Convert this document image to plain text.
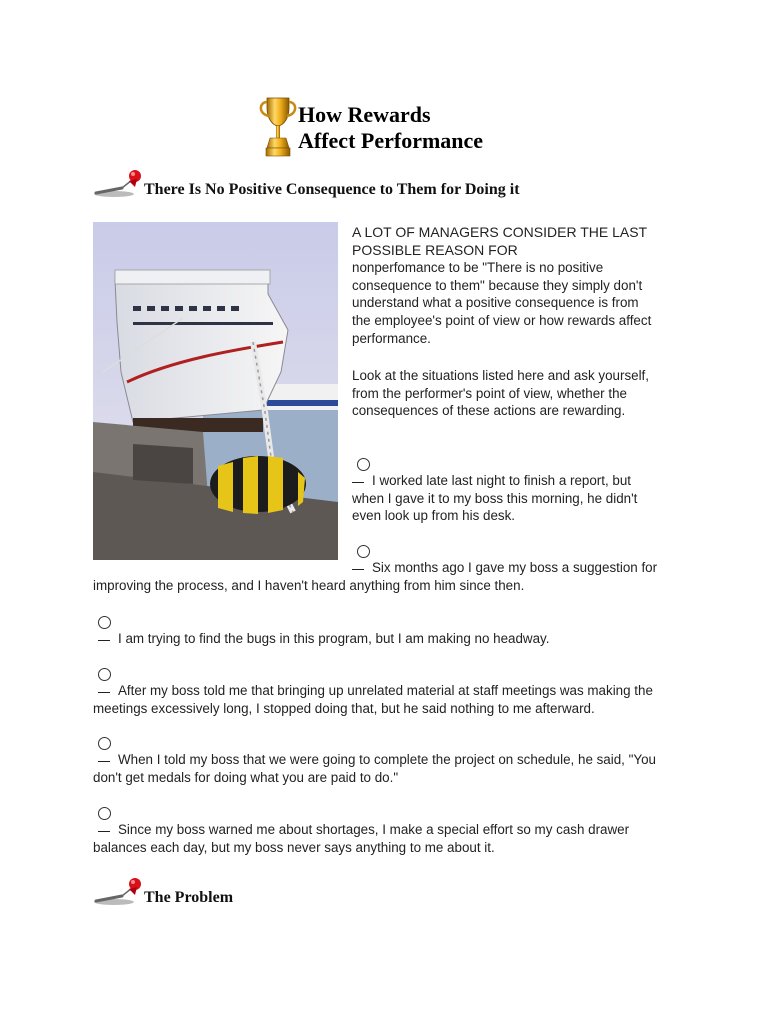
How Rewards
Affect Performance
There Is No Positive Consequence to Them for Doing it
A LOT OF MANAGERS CONSIDER THE LAST POSSIBLE REASON FOR
nonperfomance to be "There is no positive consequence to them" because they simply don't understand what a positive consequence is from the employee's point of view or how rewards affect performance.
Look at the situations listed here and ask yourself, from the performer's point of view, whether the consequences of these actions are rewarding.
I worked late last night to finish a report, but when I gave it to my boss this morning, he didn't even look up from his desk.
Six months ago I gave my boss a suggestion for improving the process, and I haven't heard anything from him since then.
I am trying to find the bugs in this program, but I am making no headway.
After my boss told me that bringing up unrelated material at staff meetings was making the meetings excessively long, I stopped doing that, but he said nothing to me afterward.
When I told my boss that we were going to complete the project on schedule, he said, "You don't get medals for doing what you are paid to do."
Since my boss warned me about shortages, I make a special effort so my cash drawer balances each day, but my boss never says anything to me about it.
The Problem
